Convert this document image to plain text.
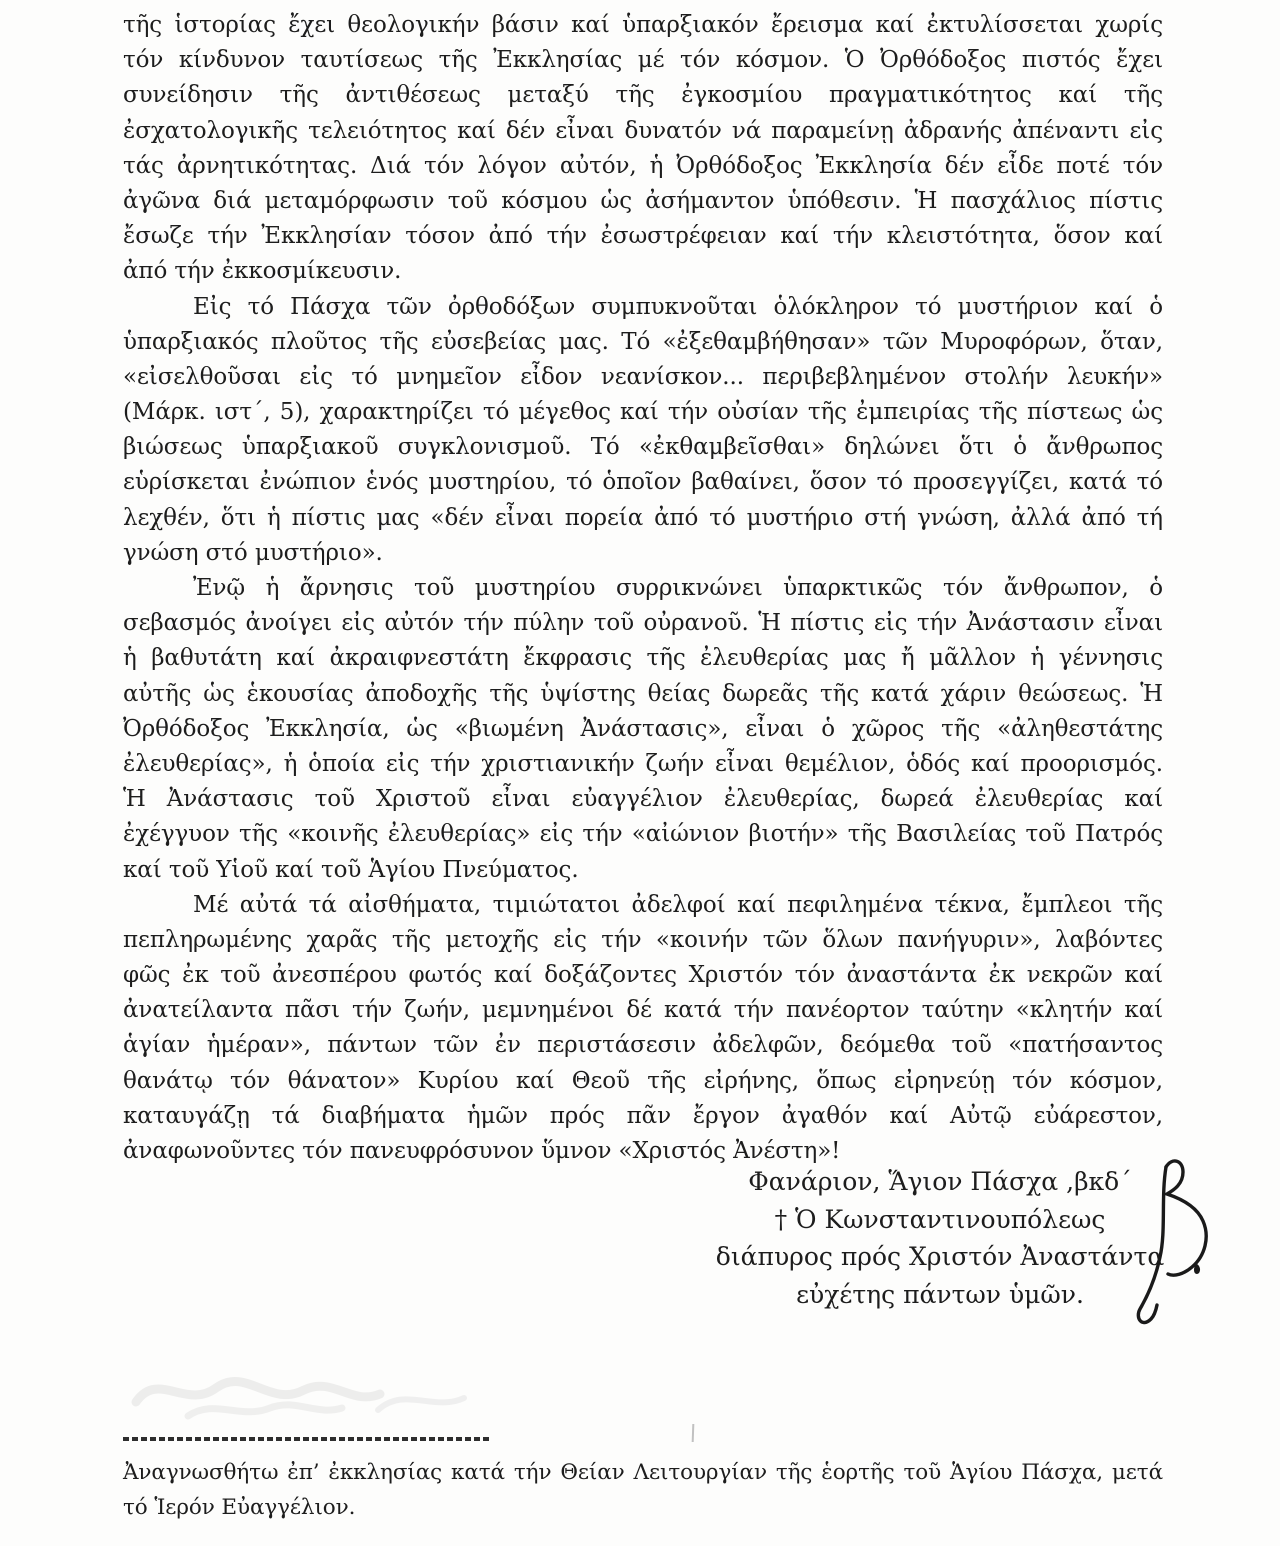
τῆς ἱστορίας ἔχει θεολογικήν βάσιν καί ὑπαρξιακόν ἔρεισμα καί ἐκτυλίσσεται χωρίς
τόν κίνδυνον ταυτίσεως τῆς Ἐκκλησίας μέ τόν κόσμον. Ὁ Ὀρθόδοξος πιστός ἔχει
συνείδησιν τῆς ἀντιθέσεως μεταξύ τῆς ἐγκοσμίου πραγματικότητος καί τῆς
ἐσχατολογικῆς τελειότητος καί δέν εἶναι δυνατόν νά παραμείνῃ ἀδρανής ἀπέναντι εἰς
τάς ἀρνητικότητας. Διά τόν λόγον αὐτόν, ἡ Ὀρθόδοξος Ἐκκλησία δέν εἶδε ποτέ τόν
ἀγῶνα διά μεταμόρφωσιν τοῦ κόσμου ὡς ἀσήμαντον ὑπόθεσιν. Ἡ πασχάλιος πίστις
ἔσωζε τήν Ἐκκλησίαν τόσον ἀπό τήν ἐσωστρέφειαν καί τήν κλειστότητα, ὅσον καί
ἀπό τήν ἐκκοσμίκευσιν.
Εἰς τό Πάσχα τῶν ὀρθοδόξων συμπυκνοῦται ὁλόκληρον τό μυστήριον καί ὁ
ὑπαρξιακός πλοῦτος τῆς εὐσεβείας μας. Τό «ἐξεθαμβήθησαν» τῶν Μυροφόρων, ὅταν,
«εἰσελθοῦσαι εἰς τό μνημεῖον εἶδον νεανίσκον... περιβεβλημένον στολήν λευκήν»
(Μάρκ. ιστ´, 5), χαρακτηρίζει τό μέγεθος καί τήν οὐσίαν τῆς ἐμπειρίας τῆς πίστεως ὡς
βιώσεως ὑπαρξιακοῦ συγκλονισμοῦ. Τό «ἐκθαμβεῖσθαι» δηλώνει ὅτι ὁ ἄνθρωπος
εὑρίσκεται ἐνώπιον ἑνός μυστηρίου, τό ὁποῖον βαθαίνει, ὅσον τό προσεγγίζει, κατά τό
λεχθέν, ὅτι ἡ πίστις μας «δέν εἶναι πορεία ἀπό τό μυστήριο στή γνώση, ἀλλά ἀπό τή
γνώση στό μυστήριο».
Ἐνῷ ἡ ἄρνησις τοῦ μυστηρίου συρρικνώνει ὑπαρκτικῶς τόν ἄνθρωπον, ὁ
σεβασμός ἀνοίγει εἰς αὐτόν τήν πύλην τοῦ οὐρανοῦ. Ἡ πίστις εἰς τήν Ἀνάστασιν εἶναι
ἡ βαθυτάτη καί ἀκραιφνεστάτη ἔκφρασις τῆς ἐλευθερίας μας ἤ μᾶλλον ἡ γέννησις
αὐτῆς ὡς ἑκουσίας ἀποδοχῆς τῆς ὑψίστης θείας δωρεᾶς τῆς κατά χάριν θεώσεως. Ἡ
Ὀρθόδοξος Ἐκκλησία, ὡς «βιωμένη Ἀνάστασις», εἶναι ὁ χῶρος τῆς «ἀληθεστάτης
ἐλευθερίας», ἡ ὁποία εἰς τήν χριστιανικήν ζωήν εἶναι θεμέλιον, ὁδός καί προορισμός.
Ἡ Ἀνάστασις τοῦ Χριστοῦ εἶναι εὐαγγέλιον ἐλευθερίας, δωρεά ἐλευθερίας καί
ἐχέγγυον τῆς «κοινῆς ἐλευθερίας» εἰς τήν «αἰώνιον βιοτήν» τῆς Βασιλείας τοῦ Πατρός
καί τοῦ Υἱοῦ καί τοῦ Ἁγίου Πνεύματος.
Μέ αὐτά τά αἰσθήματα, τιμιώτατοι ἀδελφοί καί πεφιλημένα τέκνα, ἔμπλεοι τῆς
πεπληρωμένης χαρᾶς τῆς μετοχῆς εἰς τήν «κοινήν τῶν ὅλων πανήγυριν», λαβόντες
φῶς ἐκ τοῦ ἀνεσπέρου φωτός καί δοξάζοντες Χριστόν τόν ἀναστάντα ἐκ νεκρῶν καί
ἀνατείλαντα πᾶσι τήν ζωήν, μεμνημένοι δέ κατά τήν πανέορτον ταύτην «κλητήν καί
ἁγίαν ἡμέραν», πάντων τῶν ἐν περιστάσεσιν ἀδελφῶν, δεόμεθα τοῦ «πατήσαντος
θανάτῳ τόν θάνατον» Κυρίου καί Θεοῦ τῆς εἰρήνης, ὅπως εἰρηνεύῃ τόν κόσμον,
καταυγάζῃ τά διαβήματα ἡμῶν πρός πᾶν ἔργον ἀγαθόν καί Αὐτῷ εὐάρεστον,
ἀναφωνοῦντες τόν πανευφρόσυνον ὕμνον «Χριστός Ἀνέστη»!
Φανάριον, Ἅγιον Πάσχα ,βκδ´
† Ὁ Κωνσταντινουπόλεως
διάπυρος πρός Χριστόν Ἀναστάντα
εὐχέτης πάντων ὑμῶν.
Ἀναγνωσθήτω ἐπ’ ἐκκλησίας κατά τήν Θείαν Λειτουργίαν τῆς ἑορτῆς τοῦ Ἁγίου Πάσχα, μετά
τό Ἱερόν Εὐαγγέλιον.
